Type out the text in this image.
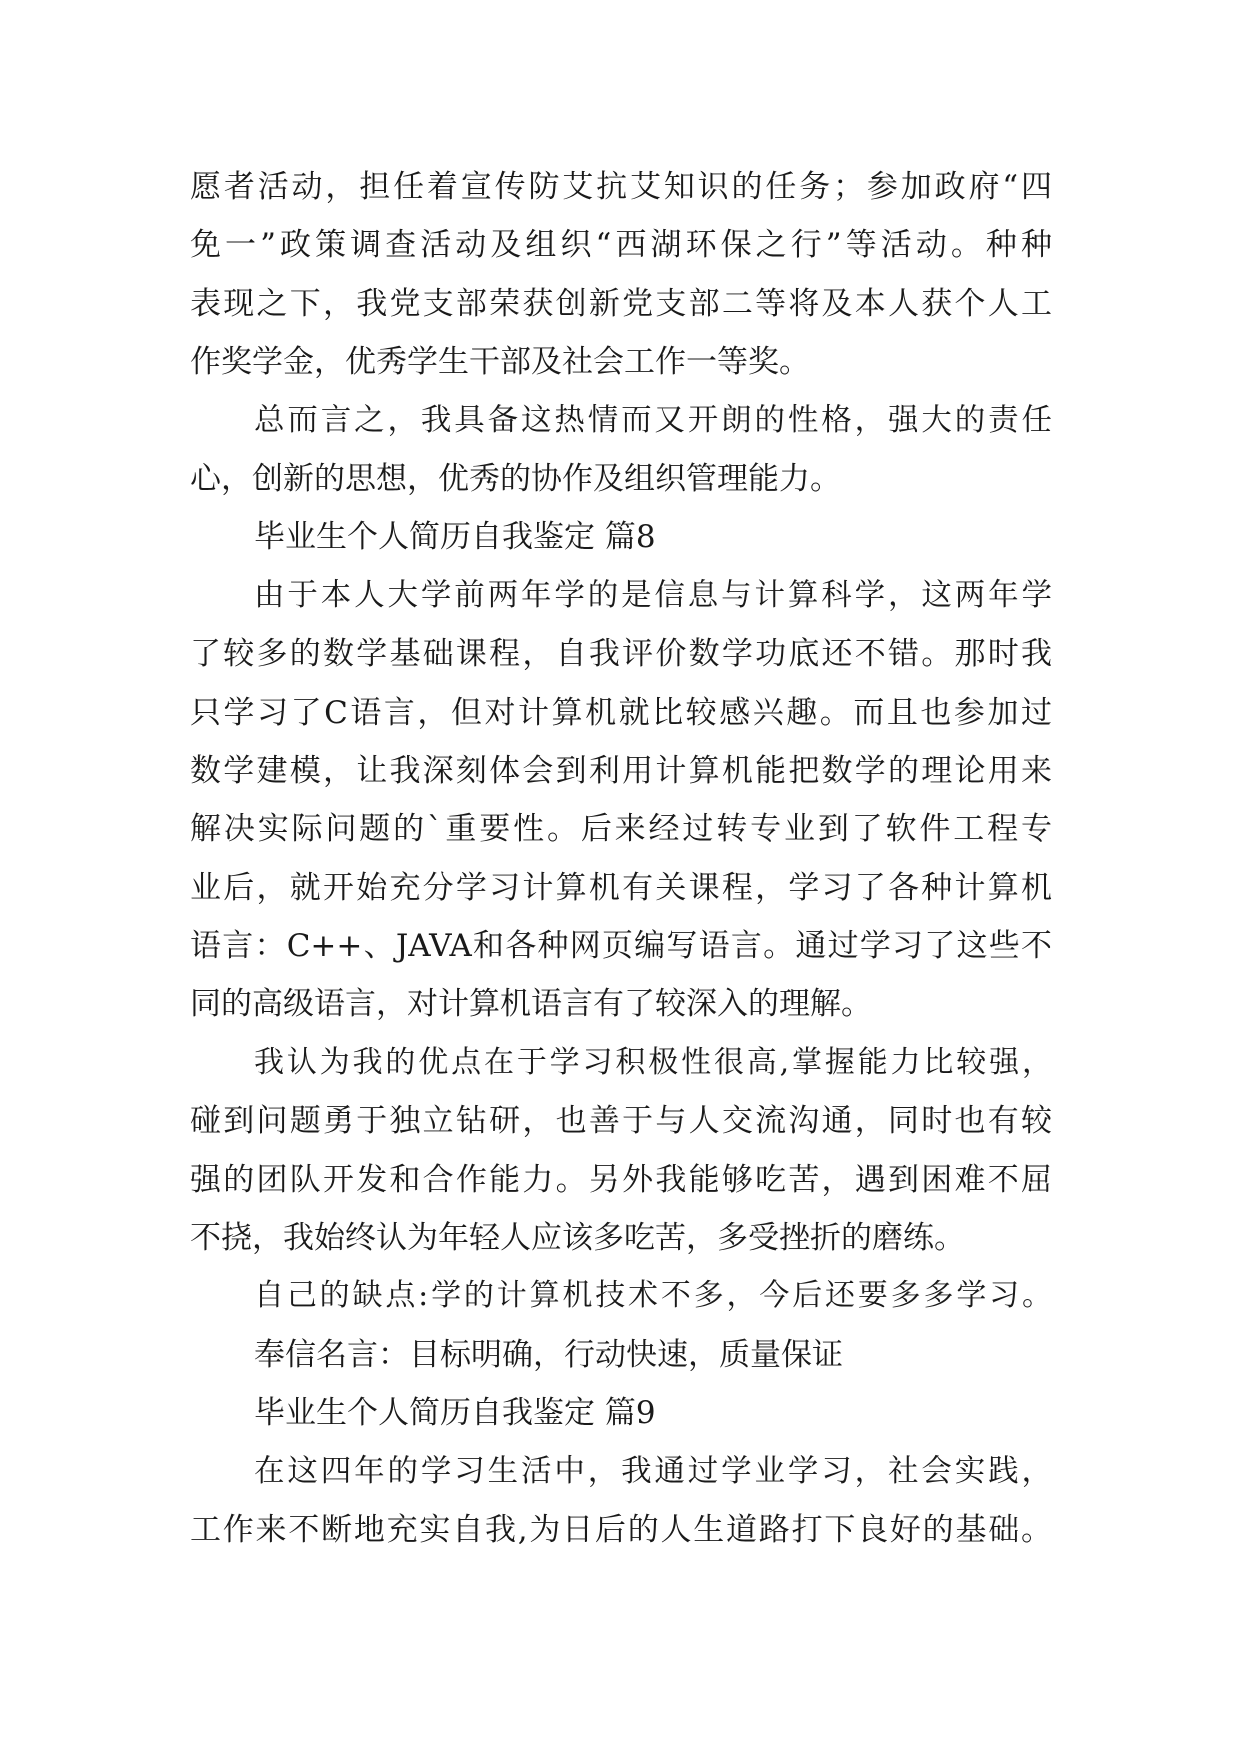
愿者活动，担任着宣传防艾抗艾知识的任务；参加政府“四
免一”政策调查活动及组织“西湖环保之行”等活动。种种
表现之下，我党支部荣获创新党支部二等将及本人获个人工
作奖学金，优秀学生干部及社会工作一等奖。
总而言之，我具备这热情而又开朗的性格，强大的责任
心，创新的思想，优秀的协作及组织管理能力。
毕业生个人简历自我鉴定 篇8
由于本人大学前两年学的是信息与计算科学，这两年学
了较多的数学基础课程，自我评价数学功底还不错。那时我
只学习了C语言，但对计算机就比较感兴趣。而且也参加过
数学建模，让我深刻体会到利用计算机能把数学的理论用来
解决实际问题的`重要性。后来经过转专业到了软件工程专
业后，就开始充分学习计算机有关课程，学习了各种计算机
语言：C++、JAVA和各种网页编写语言。通过学习了这些不
同的高级语言，对计算机语言有了较深入的理解。
我认为我的优点在于学习积极性很高,掌握能力比较强，
碰到问题勇于独立钻研，也善于与人交流沟通，同时也有较
强的团队开发和合作能力。另外我能够吃苦，遇到困难不屈
不挠，我始终认为年轻人应该多吃苦，多受挫折的磨练。
自己的缺点:学的计算机技术不多，今后还要多多学习。
奉信名言：目标明确，行动快速，质量保证
毕业生个人简历自我鉴定 篇9
在这四年的学习生活中，我通过学业学习，社会实践，
工作来不断地充实自我,为日后的人生道路打下良好的基础。
